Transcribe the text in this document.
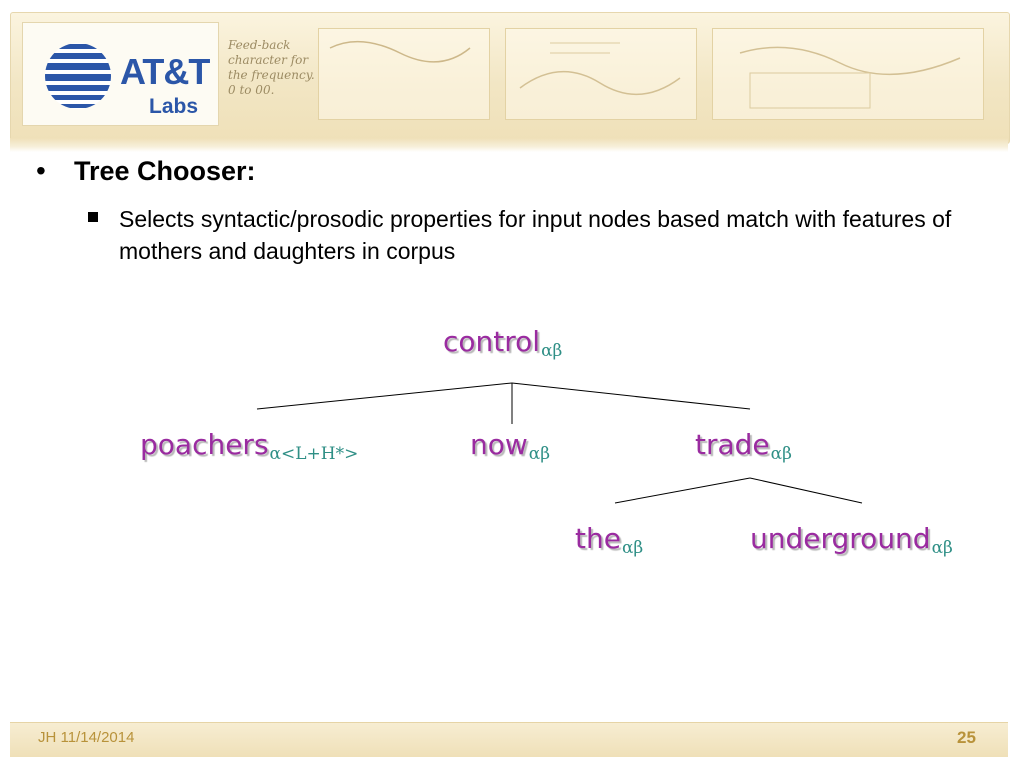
AT&T
Labs
Feed-back character for the frequency. 0 to 00.
•	Tree Chooser:
Selects syntactic/prosodic properties for input nodes based match with features of mothers and daughters in corpus
control$_{\alpha\beta}$
poachers$_{\alpha<L+H*>}$	now$_{\alpha\beta}$	trade$_{\alpha\beta}$
the$_{\alpha\beta}$	underground$_{\alpha\beta}$
JH 11/14/2014	25
